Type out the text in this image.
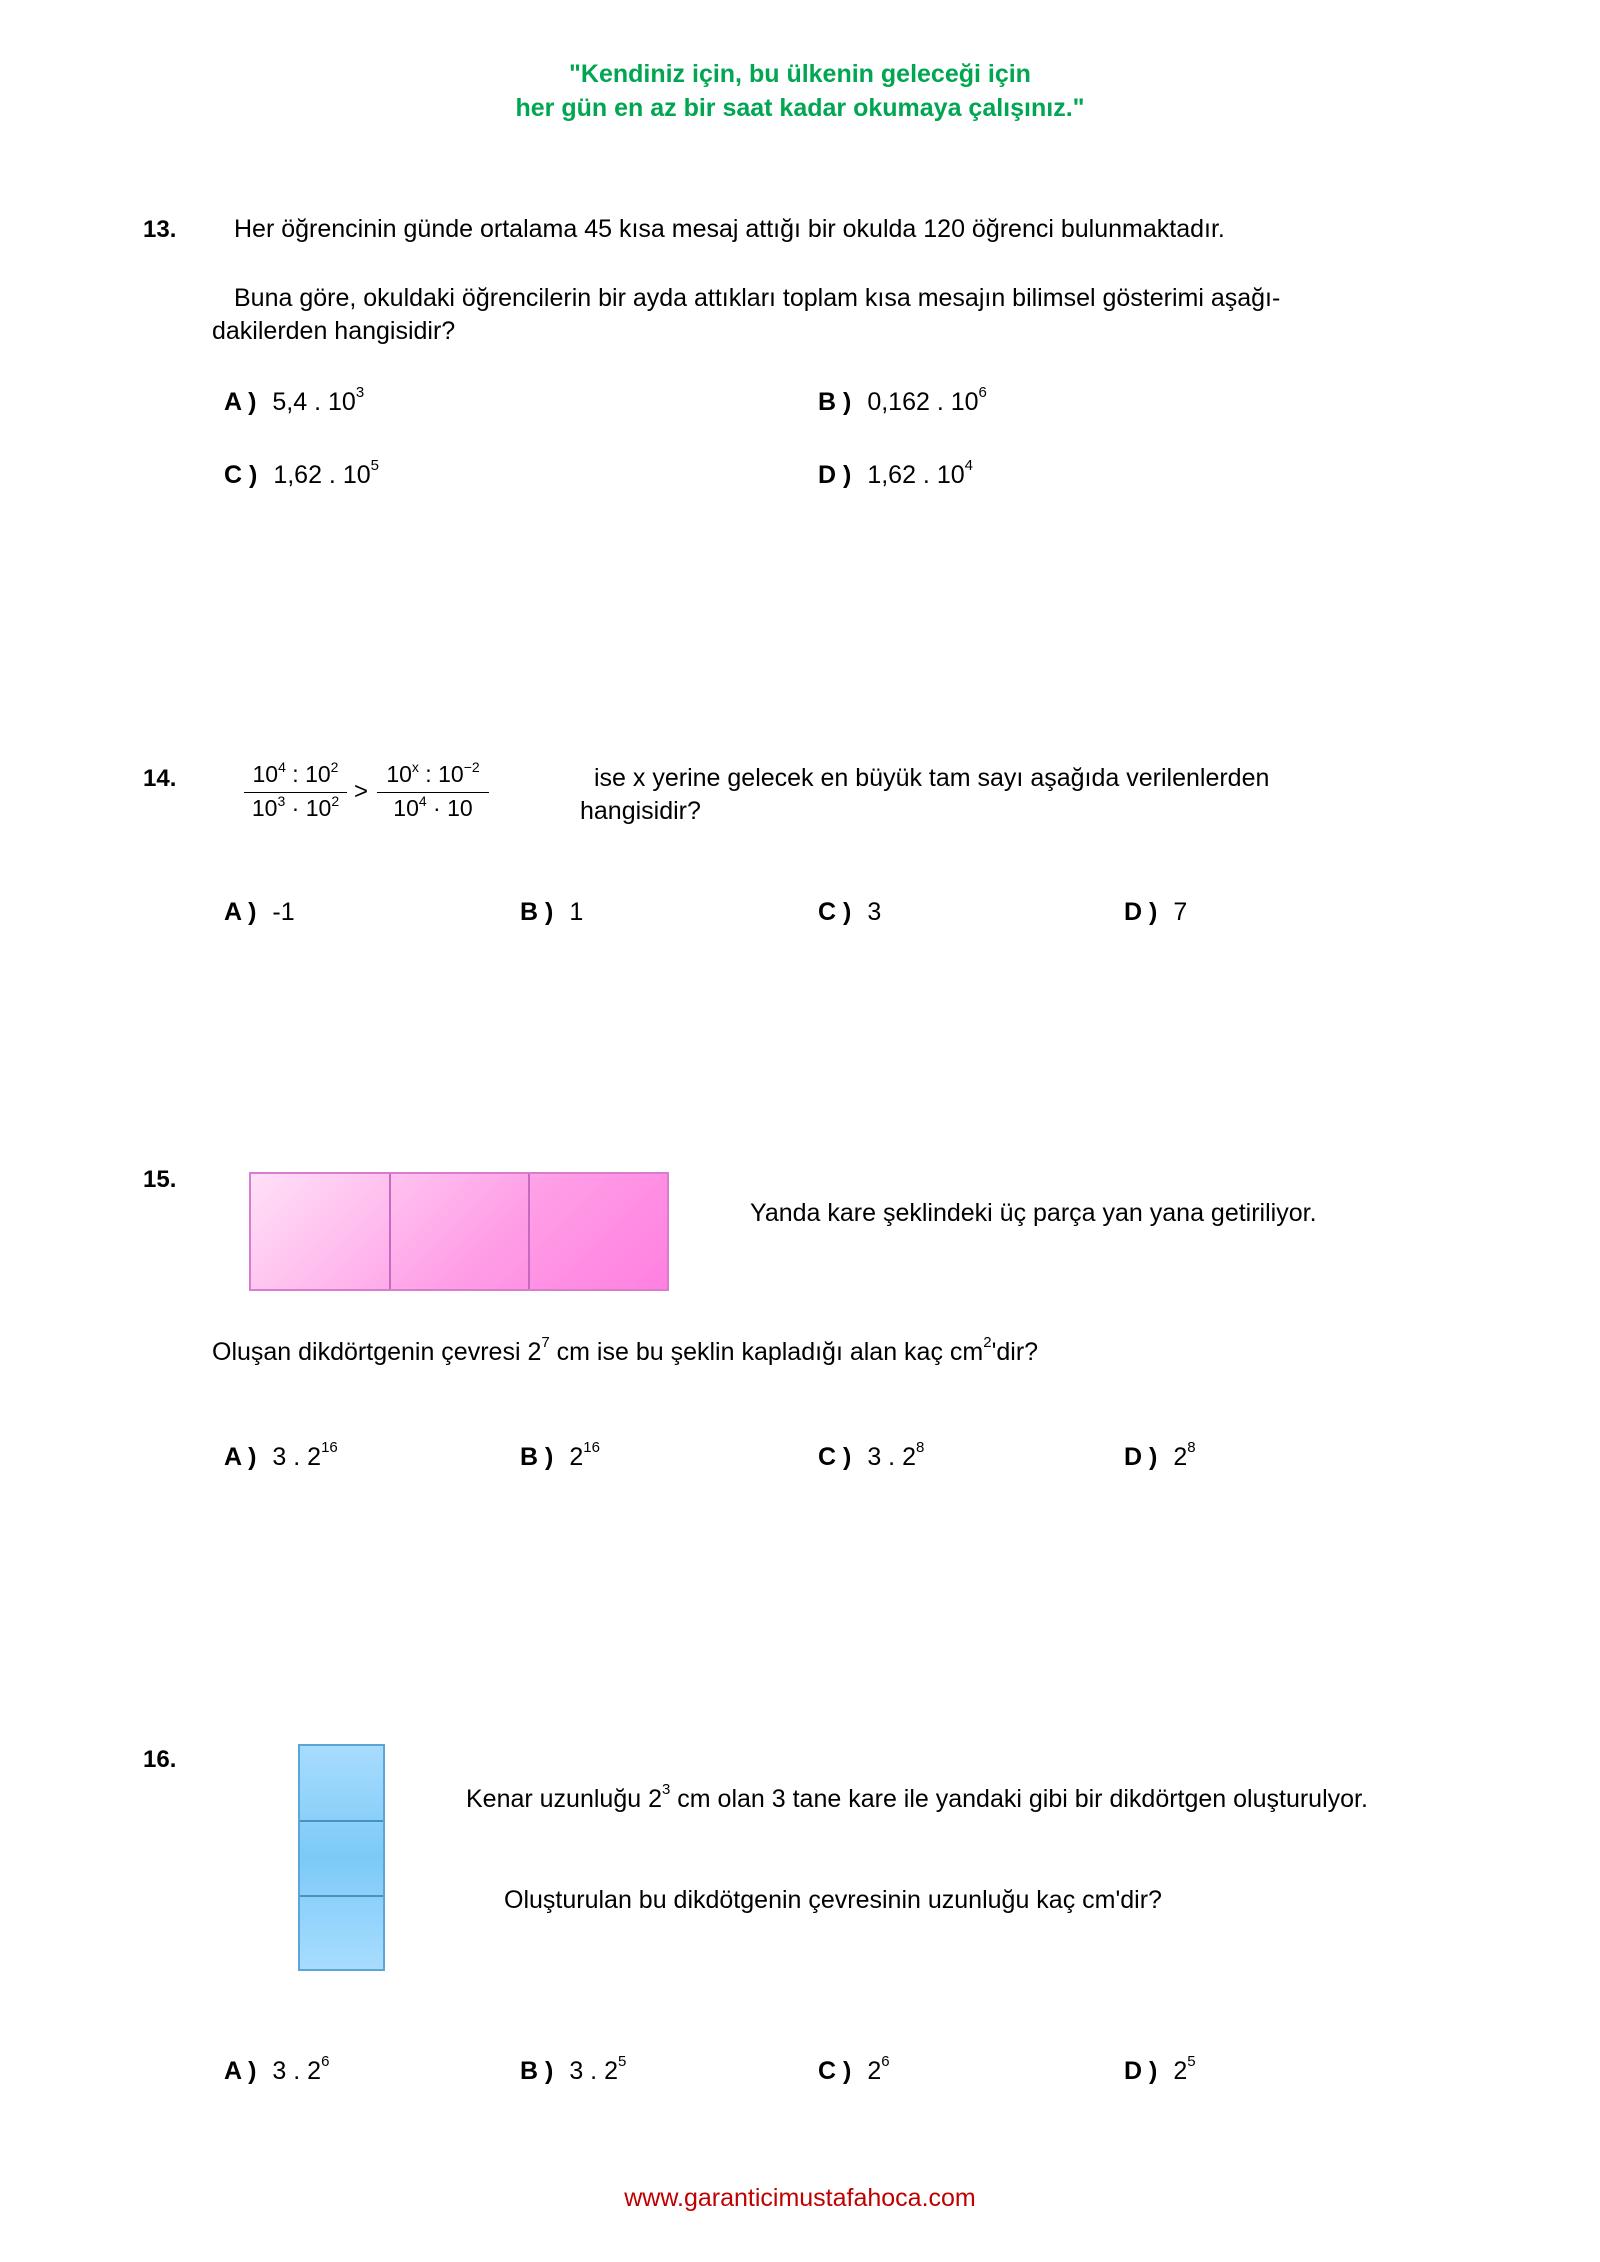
"Kendiniz için, bu ülkenin geleceği için
her gün en az bir saat kadar okumaya çalışınız."
13. Her öğrencinin günde ortalama 45 kısa mesaj attığı bir okulda 120 öğrenci bulunmaktadır.
Buna göre, okuldaki öğrencilerin bir ayda attıkları toplam kısa mesajın bilimsel gösterimi aşağı-
dakilerden hangisidir?
A ) 5,4 . $10^3$	B ) 0,162 . $10^6$
C ) 1,62 . $10^5$	D ) 1,62 . $10^4$
14.	$\frac{10^4 : 10^2}{10^3 \cdot 10^2} > \frac{10^x : 10^{-2}}{10^4 \cdot 10}$	ise x yerine gelecek en büyük tam sayı aşağıda verilenlerden
hangisidir?
A ) -1	B ) 1	C ) 3	D ) 7
15.
Yanda kare şeklindeki üç parça yan yana getiriliyor.
Oluşan dikdörtgenin çevresi $2^7$ cm ise bu şeklin kapladığı alan kaç $cm^2'dir$?
A ) 3 . $2^{16}$	B ) $2^{16}$	C ) 3 . $2^8$	D ) $2^8$
16.
Kenar uzunluğu $2^3$ cm olan 3 tane kare ile yandaki gibi bir dikdörtgen oluşturulyor.
Oluşturulan bu dikdötgenin çevresinin uzunluğu kaç cm'dir?
A ) 3 . $2^6$	B ) 3 . $2^5$	C ) $2^6$	D ) $2^5$
www.garanticimustafahoca.com
